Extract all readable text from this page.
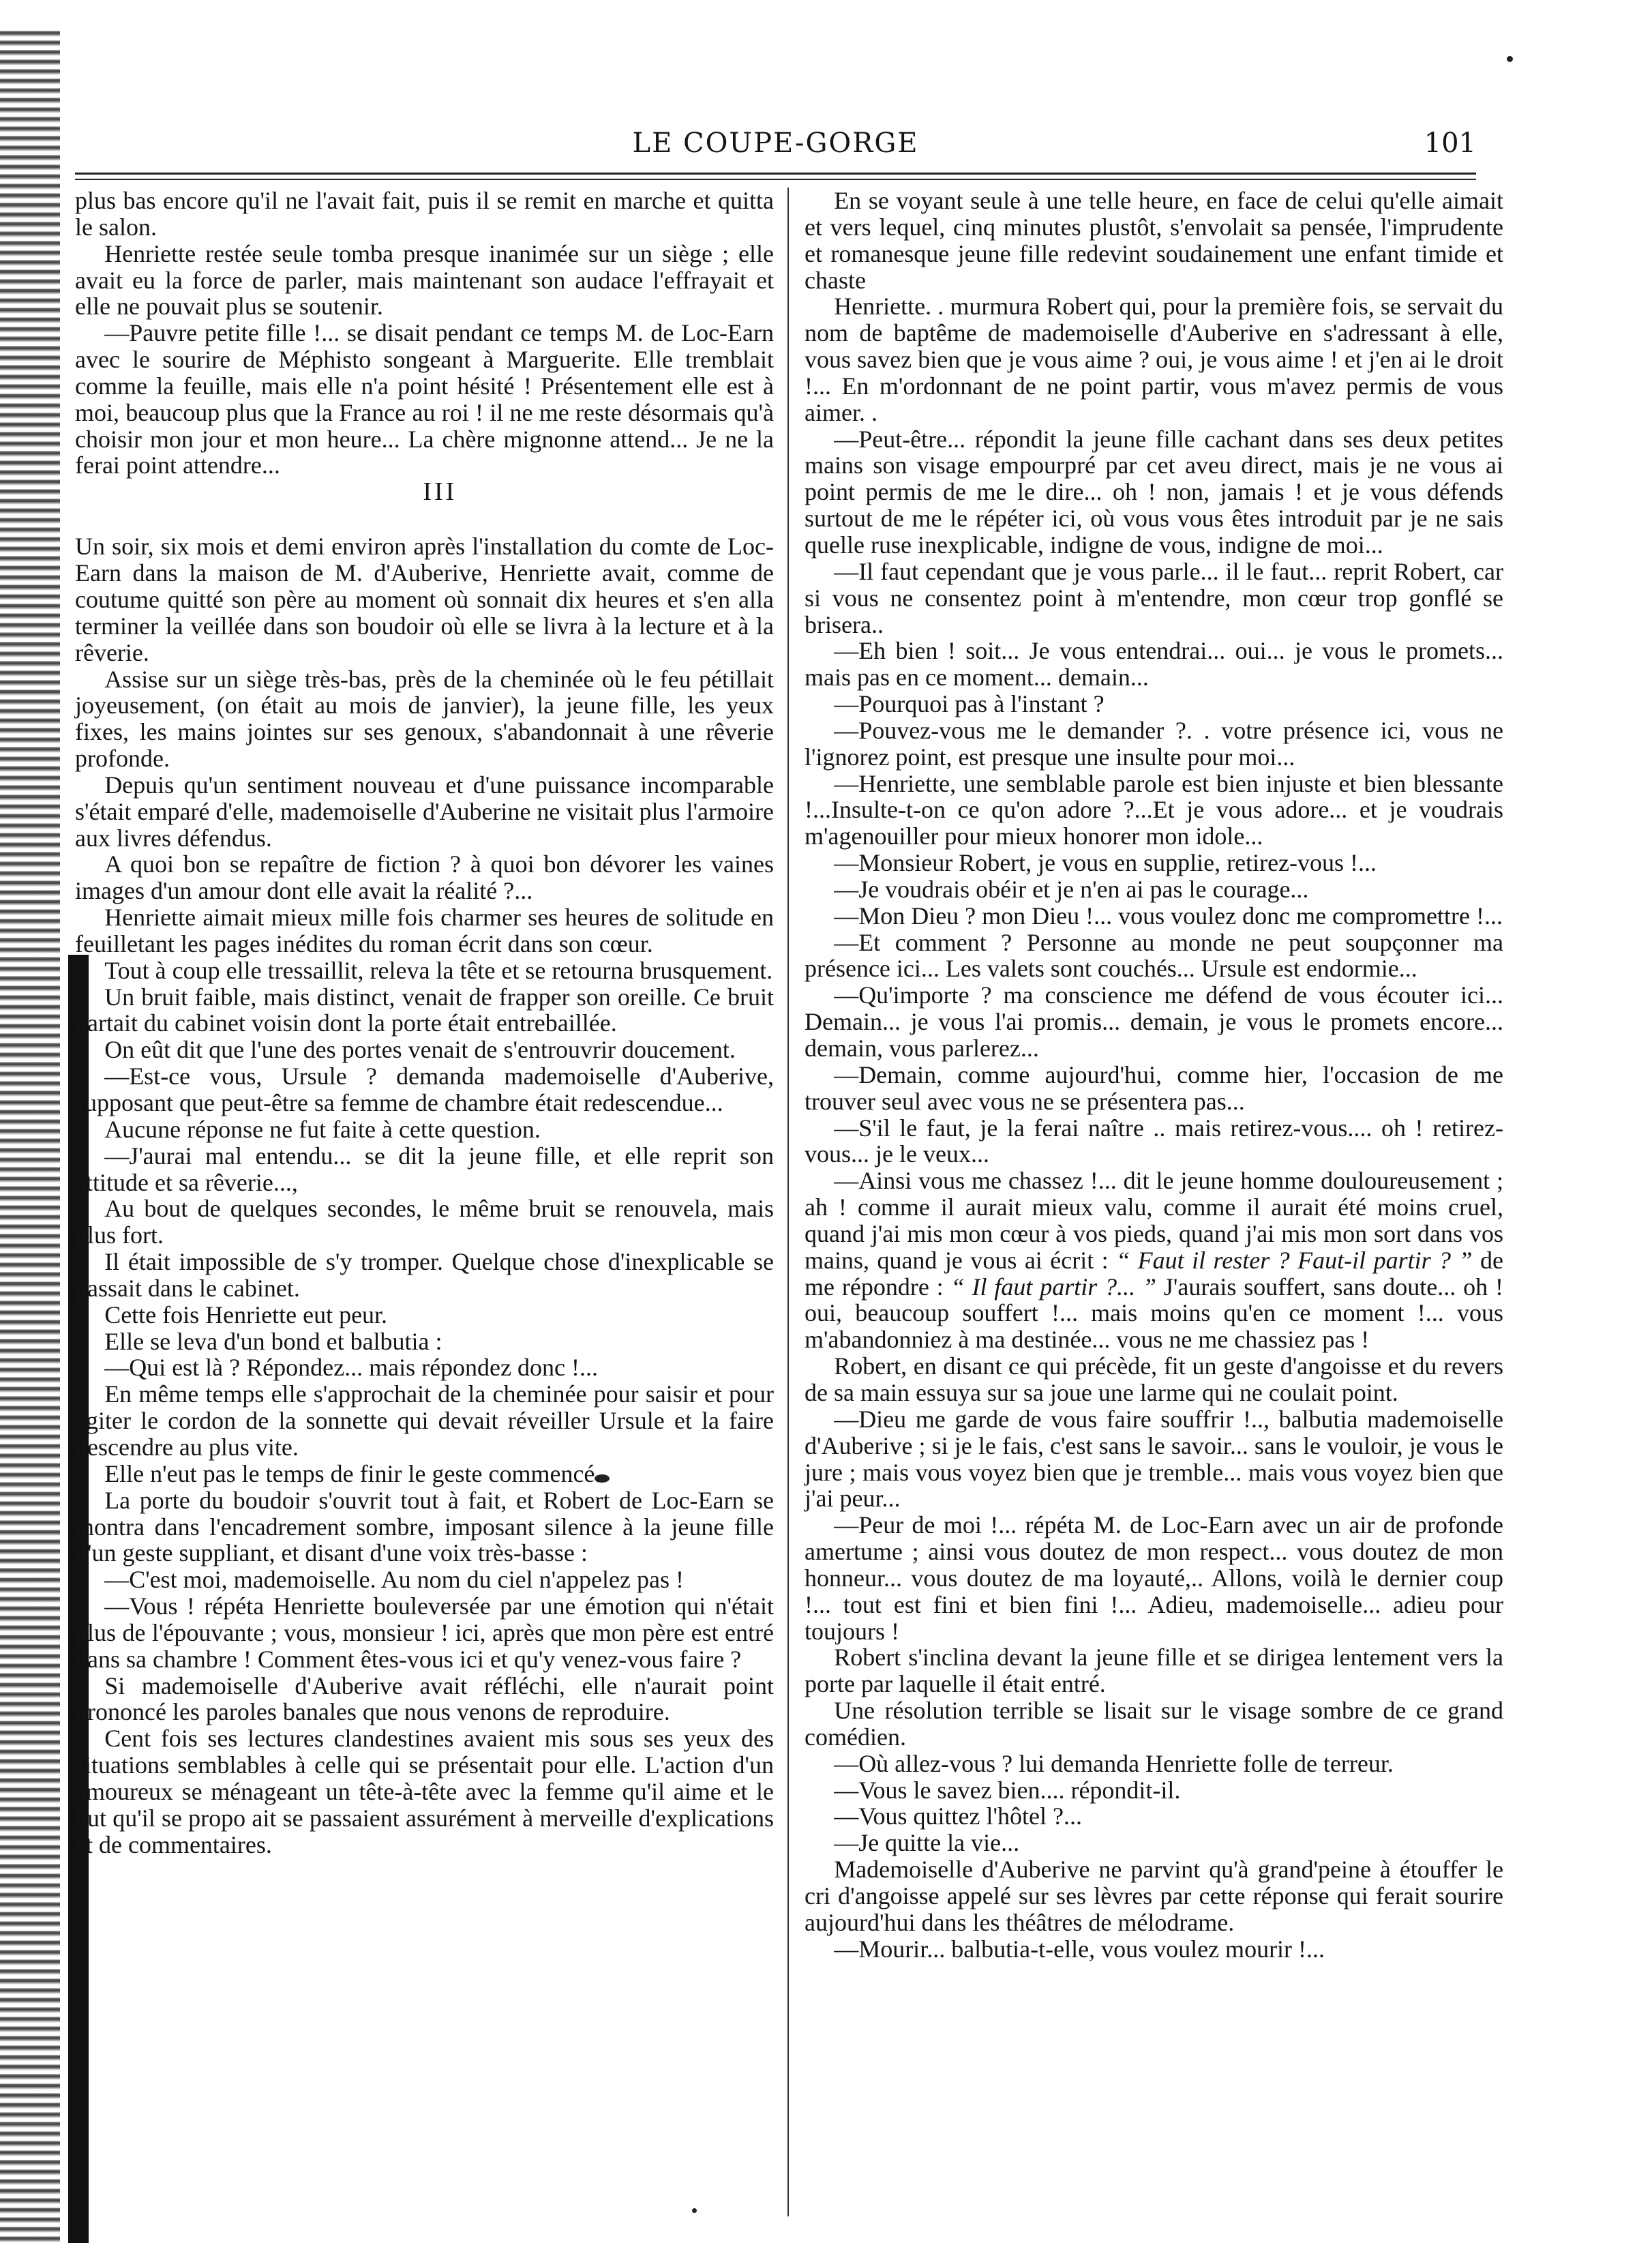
LE COUPE-GORGE	101

plus bas encore qu'il ne l'avait fait, puis il se remit en marche et quitta le salon.

Henriette restée seule tomba presque inanimée sur un siège ; elle avait eu la force de parler, mais maintenant son audace l'effrayait et elle ne pouvait plus se soutenir.

—Pauvre petite fille !... se disait pendant ce temps M. de Loc-Earn avec le sourire de Méphisto songeant à Marguerite. Elle tremblait comme la feuille, mais elle n'a point hésité ! Présentement elle est à moi, beaucoup plus que la France au roi ! il ne me reste désormais qu'à choisir mon jour et mon heure... La chère mignonne attend... Je ne la ferai point attendre...

III

Un soir, six mois et demi environ après l'installation du comte de Loc-Earn dans la maison de M. d'Auberive, Henriette avait, comme de coutume quitté son père au moment où sonnait dix heures et s'en alla terminer la veillée dans son boudoir où elle se livra à la lecture et à la rêverie.

Assise sur un siège très-bas, près de la cheminée où le feu pétillait joyeusement, (on était au mois de janvier), la jeune fille, les yeux fixes, les mains jointes sur ses genoux, s'abandonnait à une rêverie profonde.

Depuis qu'un sentiment nouveau et d'une puissance incomparable s'était emparé d'elle, mademoiselle d'Auberine ne visitait plus l'armoire aux livres défendus.

A quoi bon se repaître de fiction ? à quoi bon dévorer les vaines images d'un amour dont elle avait la réalité ?...

Henriette aimait mieux mille fois charmer ses heures de solitude en feuilletant les pages inédites du roman écrit dans son cœur.

Tout à coup elle tressaillit, releva la tête et se retourna brusquement.

Un bruit faible, mais distinct, venait de frapper son oreille. Ce bruit partait du cabinet voisin dont la porte était entrebaillée.

On eût dit que l'une des portes venait de s'entrouvrir doucement.

—Est-ce vous, Ursule ? demanda mademoiselle d'Auberive, supposant que peut-être sa femme de chambre était redescendue...

Aucune réponse ne fut faite à cette question.

—J'aurai mal entendu... se dit la jeune fille, et elle reprit son attitude et sa rêverie...,

Au bout de quelques secondes, le même bruit se renouvela, mais plus fort.

Il était impossible de s'y tromper. Quelque chose d'inexplicable se passait dans le cabinet.

Cette fois Henriette eut peur.

Elle se leva d'un bond et balbutia :

—Qui est là ? Répondez... mais répondez donc !...

En même temps elle s'approchait de la cheminée pour saisir et pour agiter le cordon de la sonnette qui devait réveiller Ursule et la faire descendre au plus vite.

Elle n'eut pas le temps de finir le geste commencé.

La porte du boudoir s'ouvrit tout à fait, et Robert de Loc-Earn se montra dans l'encadrement sombre, imposant silence à la jeune fille d'un geste suppliant, et disant d'une voix très-basse :

—C'est moi, mademoiselle. Au nom du ciel n'appelez pas !

—Vous ! répéta Henriette bouleversée par une émotion qui n'était plus de l'épouvante ; vous, monsieur ! ici, après que mon père est entré dans sa chambre ! Comment êtes-vous ici et qu'y venez-vous faire ?

Si mademoiselle d'Auberive avait réfléchi, elle n'aurait point prononcé les paroles banales que nous venons de reproduire.

Cent fois ses lectures clandestines avaient mis sous ses yeux des situations semblables à celle qui se présentait pour elle. L'action d'un amoureux se ménageant un tête-à-tête avec la femme qu'il aime et le but qu'il se propo ait se passaient assurément à merveille d'explications et de commentaires.

En se voyant seule à une telle heure, en face de celui qu'elle aimait et vers lequel, cinq minutes plustôt, s'envolait sa pensée, l'imprudente et romanesque jeune fille redevint soudainement une enfant timide et chaste

Henriette. . murmura Robert qui, pour la première fois, se servait du nom de baptême de mademoiselle d'Auberive en s'adressant à elle, vous savez bien que je vous aime ? oui, je vous aime ! et j'en ai le droit !... En m'ordonnant de ne point partir, vous m'avez permis de vous aimer. .

—Peut-être... répondit la jeune fille cachant dans ses deux petites mains son visage empourpré par cet aveu direct, mais je ne vous ai point permis de me le dire... oh ! non, jamais ! et je vous défends surtout de me le répéter ici, où vous vous êtes introduit par je ne sais quelle ruse inexplicable, indigne de vous, indigne de moi...

—Il faut cependant que je vous parle... il le faut... reprit Robert, car si vous ne consentez point à m'entendre, mon cœur trop gonflé se brisera..

—Eh bien ! soit... Je vous entendrai... oui... je vous le promets... mais pas en ce moment... demain...

—Pourquoi pas à l'instant ?

—Pouvez-vous me le demander ?. . votre présence ici, vous ne l'ignorez point, est presque une insulte pour moi...

—Henriette, une semblable parole est bien injuste et bien blessante !...Insulte-t-on ce qu'on adore ?...Et je vous adore... et je voudrais m'agenouiller pour mieux honorer mon idole...

—Monsieur Robert, je vous en supplie, retirez-vous !...

—Je voudrais obéir et je n'en ai pas le courage...

—Mon Dieu ? mon Dieu !... vous voulez donc me compromettre !...

—Et comment ? Personne au monde ne peut soupçonner ma présence ici... Les valets sont couchés... Ursule est endormie...

—Qu'importe ? ma conscience me défend de vous écouter ici... Demain... je vous l'ai promis... demain, je vous le promets encore... demain, vous parlerez...

—Demain, comme aujourd'hui, comme hier, l'occasion de me trouver seul avec vous ne se présentera pas...

—S'il le faut, je la ferai naître .. mais retirez-vous.... oh ! retirez-vous... je le veux...

—Ainsi vous me chassez !... dit le jeune homme douloureusement ; ah ! comme il aurait mieux valu, comme il aurait été moins cruel, quand j'ai mis mon cœur à vos pieds, quand j'ai mis mon sort dans vos mains, quand je vous ai écrit : “ Faut il rester ? Faut-il partir ? ” de me répondre : “ Il faut partir ?... ” J'aurais souffert, sans doute... oh ! oui, beaucoup souffert !... mais moins qu'en ce moment !... vous m'abandonniez à ma destinée... vous ne me chassiez pas !

Robert, en disant ce qui précède, fit un geste d'angoisse et du revers de sa main essuya sur sa joue une larme qui ne coulait point.

—Dieu me garde de vous faire souffrir !.., balbutia mademoiselle d'Auberive ; si je le fais, c'est sans le savoir... sans le vouloir, je vous le jure ; mais vous voyez bien que je tremble... mais vous voyez bien que j'ai peur...

—Peur de moi !... répéta M. de Loc-Earn avec un air de profonde amertume ; ainsi vous doutez de mon respect... vous doutez de mon honneur... vous doutez de ma loyauté,.. Allons, voilà le dernier coup !... tout est fini et bien fini !... Adieu, mademoiselle... adieu pour toujours !

Robert s'inclina devant la jeune fille et se dirigea lentement vers la porte par laquelle il était entré.

Une résolution terrible se lisait sur le visage sombre de ce grand comédien.

—Où allez-vous ? lui demanda Henriette folle de terreur.

—Vous le savez bien.... répondit-il.

—Vous quittez l'hôtel ?...

—Je quitte la vie...

Mademoiselle d'Auberive ne parvint qu'à grand'peine à étouffer le cri d'angoisse appelé sur ses lèvres par cette réponse qui ferait sourire aujourd'hui dans les théâtres de mélodrame.

—Mourir... balbutia-t-elle, vous voulez mourir !...
